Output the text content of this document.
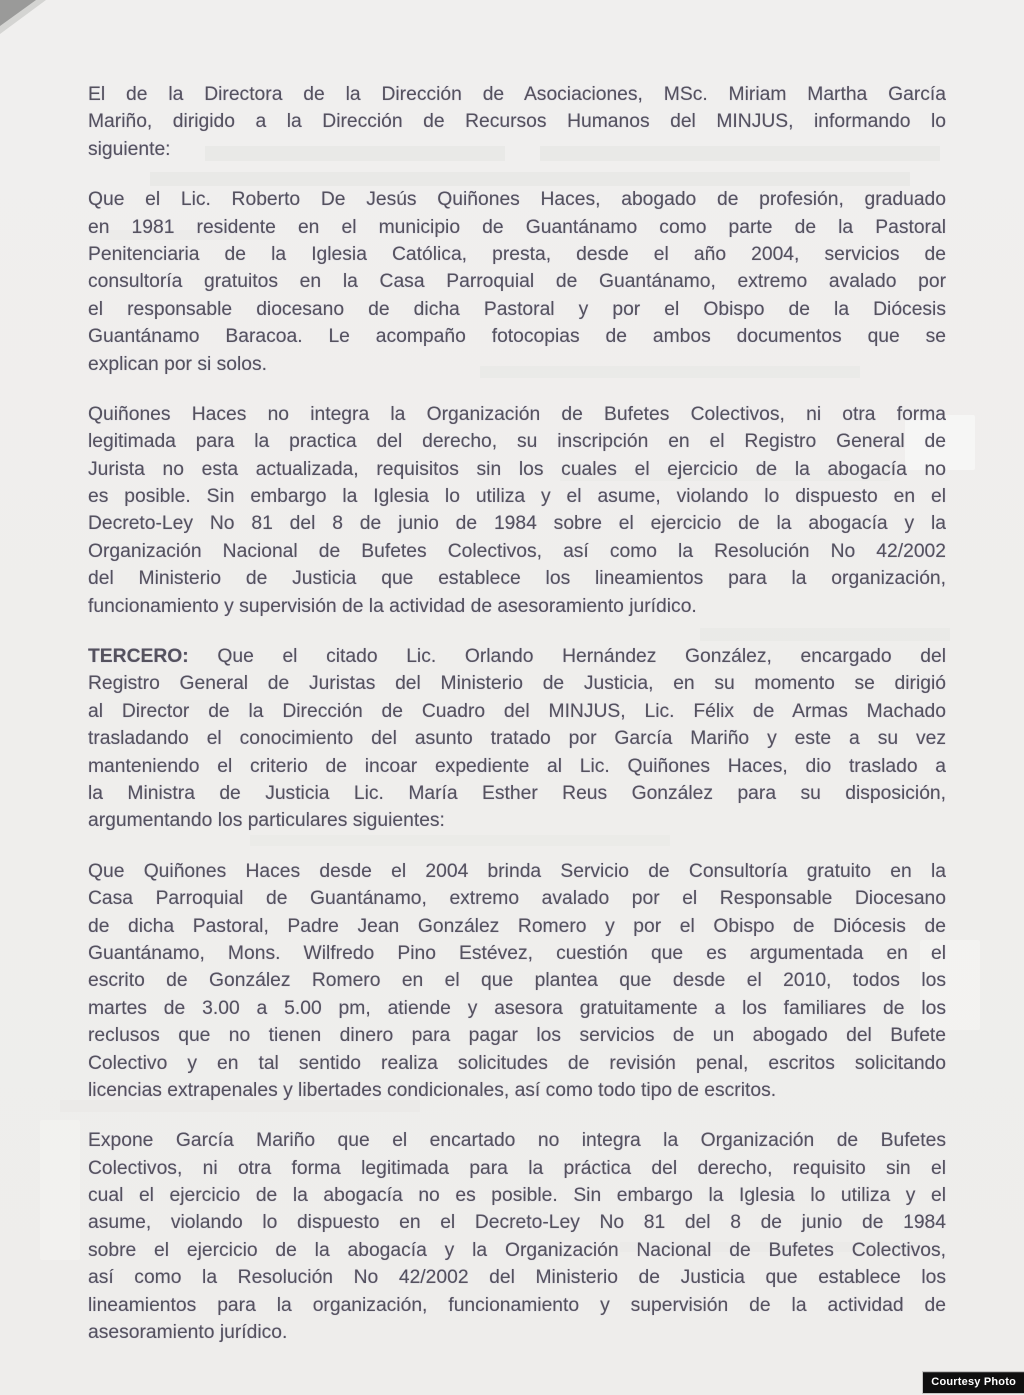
El de la Directora de la Dirección de Asociaciones, MSc. Miriam Martha García
Mariño, dirigido a la Dirección de Recursos Humanos del MINJUS, informando lo
siguiente:
Que el Lic. Roberto De Jesús Quiñones Haces, abogado de profesión, graduado
en 1981 residente en el municipio de Guantánamo como parte de la Pastoral
Penitenciaria de la Iglesia Católica, presta, desde el año 2004, servicios de
consultoría gratuitos en la Casa Parroquial de Guantánamo, extremo avalado por
el responsable diocesano de dicha Pastoral y por el Obispo de la Diócesis
Guantánamo Baracoa. Le acompaño fotocopias de ambos documentos que se
explican por si solos.
Quiñones Haces no integra la Organización de Bufetes Colectivos, ni otra forma
legitimada para la practica del derecho, su inscripción en el Registro General de
Jurista no esta actualizada, requisitos sin los cuales el ejercicio de la abogacía no
es posible. Sin embargo la Iglesia lo utiliza y el asume, violando lo dispuesto en el
Decreto-Ley No 81 del 8 de junio de 1984 sobre el ejercicio de la abogacía y la
Organización Nacional de Bufetes Colectivos, así como la Resolución No 42/2002
del Ministerio de Justicia que establece los lineamientos para la organización,
funcionamiento y supervisión de la actividad de asesoramiento jurídico.
TERCERO: Que el citado Lic. Orlando Hernández González, encargado del
Registro General de Juristas del Ministerio de Justicia, en su momento se dirigió
al Director de la Dirección de Cuadro del MINJUS, Lic. Félix de Armas Machado
trasladando el conocimiento del asunto tratado por García Mariño y este a su vez
manteniendo el criterio de incoar expediente al Lic. Quiñones Haces, dio traslado a
la Ministra de Justicia Lic. María Esther Reus González para su disposición,
argumentando los particulares siguientes:
Que Quiñones Haces desde el 2004 brinda Servicio de Consultoría gratuito en la
Casa Parroquial de Guantánamo, extremo avalado por el Responsable Diocesano
de dicha Pastoral, Padre Jean González Romero y por el Obispo de Diócesis de
Guantánamo, Mons. Wilfredo Pino Estévez, cuestión que es argumentada en el
escrito de González Romero en el que plantea que desde el 2010, todos los
martes de 3.00 a 5.00 pm, atiende y asesora gratuitamente a los familiares de los
reclusos que no tienen dinero para pagar los servicios de un abogado del Bufete
Colectivo y en tal sentido realiza solicitudes de revisión penal, escritos solicitando
licencias extrapenales y libertades condicionales, así como todo tipo de escritos.
Expone García Mariño que el encartado no integra la Organización de Bufetes
Colectivos, ni otra forma legitimada para la práctica del derecho, requisito sin el
cual el ejercicio de la abogacía no es posible. Sin embargo la Iglesia lo utiliza y el
asume, violando lo dispuesto en el Decreto-Ley No 81 del 8 de junio de 1984
sobre el ejercicio de la abogacía y la Organización Nacional de Bufetes Colectivos,
así como la Resolución No 42/2002 del Ministerio de Justicia que establece los
lineamientos para la organización, funcionamiento y supervisión de la actividad de
asesoramiento jurídico.
Courtesy Photo
